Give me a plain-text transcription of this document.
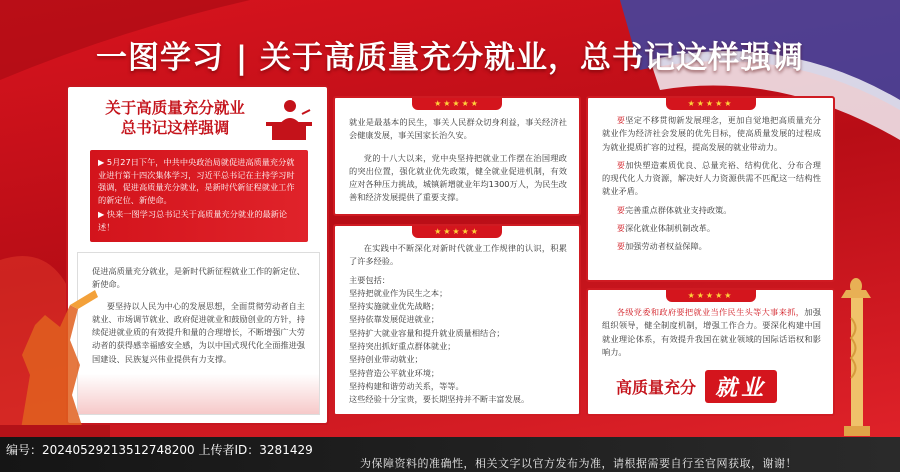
一图学习 | 关于高质量充分就业，总书记这样强调
关于高质量充分就业
总书记这样强调

▶ 5月27日下午，中共中央政治局就促进高质量充分就业进行第十四次集体学习，习近平总书记在主持学习时强调，促进高质量充分就业，是新时代新征程就业工作的新定位、新使命。

▶ 快来一图学习总书记关于高质量充分就业的最新论述！

促进高质量充分就业，是新时代新征程就业工作的新定位、新使命。

要坚持以人民为中心的发展思想，全面贯彻劳动者自主就业、市场调节就业、政府促进就业和鼓励创业的方针，持续促进就业质的有效提升和量的合理增长，不断增强广大劳动者的获得感幸福感安全感，为以中国式现代化全面推进强国建设、民族复兴伟业提供有力支撑。

★★★★★

就业是最基本的民生，事关人民群众切身利益，事关经济社会健康发展，事关国家长治久安。

党的十八大以来，党中央坚持把就业工作摆在治国理政的突出位置，强化就业优先政策，健全就业促进机制，有效应对各种压力挑战，城镇新增就业年均1300万人，为民生改善和经济发展提供了重要支撑。

★★★★★

在实践中不断深化对新时代就业工作规律的认识，积累了许多经验。

主要包括：

坚持把就业作为民生之本；

坚持实施就业优先战略；

坚持依靠发展促进就业；

坚持扩大就业容量和提升就业质量相结合；

坚持突出抓好重点群体就业；

坚持创业带动就业；

坚持营造公平就业环境；

坚持构建和谐劳动关系，等等。

这些经验十分宝贵，要长期坚持并不断丰富发展。

★★★★★

要坚定不移贯彻新发展理念，更加自觉地把高质量充分就业作为经济社会发展的优先目标，使高质量发展的过程成为就业提质扩容的过程，提高发展的就业带动力。

要加快塑造素质优良、总量充裕、结构优化、分布合理的现代化人力资源，解决好人力资源供需不匹配这一结构性就业矛盾。

要完善重点群体就业支持政策。

要深化就业体制机制改革。

要加强劳动者权益保障。

★★★★★

各级党委和政府要把就业当作民生头等大事来抓，加强组织领导，健全制度机制，增强工作合力。要深化构建中国就业理论体系，有效提升我国在就业领域的国际话语权和影响力。

高质量充分 就业
编号：20240529213512748200 上传者ID：3281429
为保障资料的准确性，相关文字以官方发布为准，请根据需要自行至官网获取，谢谢！
